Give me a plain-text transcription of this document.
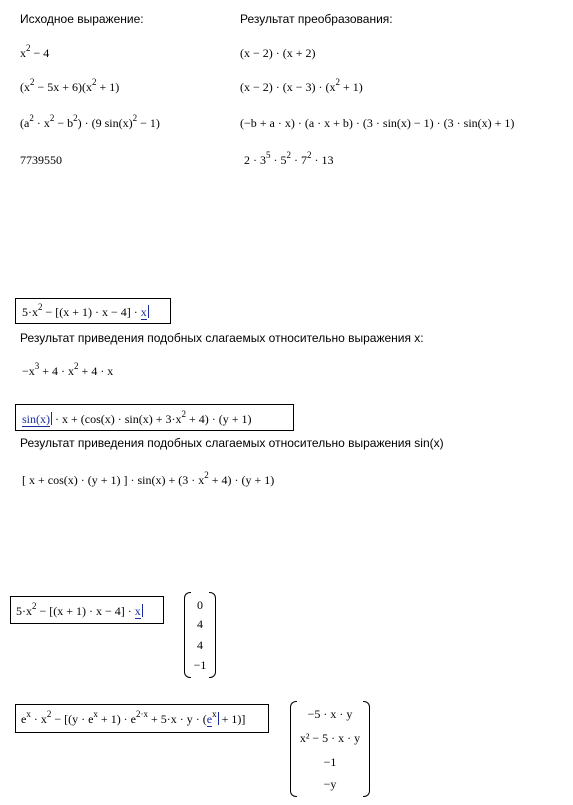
Исходное выражение:	Результат преобразования:
$x^2 - 4$	(x − 2) · (x + 2)
$(x^2 - 5x + 6)(x^2 + 1)$	$(x - 2) \cdot (x - 3) \cdot (x^2 + 1)$
$(a^2 \cdot x^2 - b^2) \cdot (9$ $\sin(x)^2 - 1$)	(−b + a · x) · (a · x + b) · (3 · sin(x) − 1) · (3 · sin(x) + 1)
7739550	$2 \cdot 3^5 \cdot 5^2 \cdot 7^2 \cdot 13$
$5\cdot x^2 - [(x + 1) \cdot x - 4] \cdot x$
Результат приведения подобных слагаемых относительно выражения x:
$-x^3 + 4 \cdot x^2 + 4 \cdot x$
$\sin(x) \cdot x + (\cos(x) \cdot \sin(x) + 3\cdot x^2 + 4) \cdot (y + 1)$
Результат приведения подобных слагаемых относительно выражения sin(x)
[ x + cos(x) · (y + 1) ] · $\sin(x) + (3 \cdot x^2 + 4) \cdot (y + 1)$
$5\cdot x^2 - [(x + 1) \cdot x - 4] \cdot x$	0
4
4
−1
$e^x \cdot x^2 - [(y \cdot e^x + 1) \cdot e^{2\cdot x} + 5\cdot x \cdot y \cdot (e^x + 1)]$	−5 · x · y
x² − 5 · x · y
−1
−y
